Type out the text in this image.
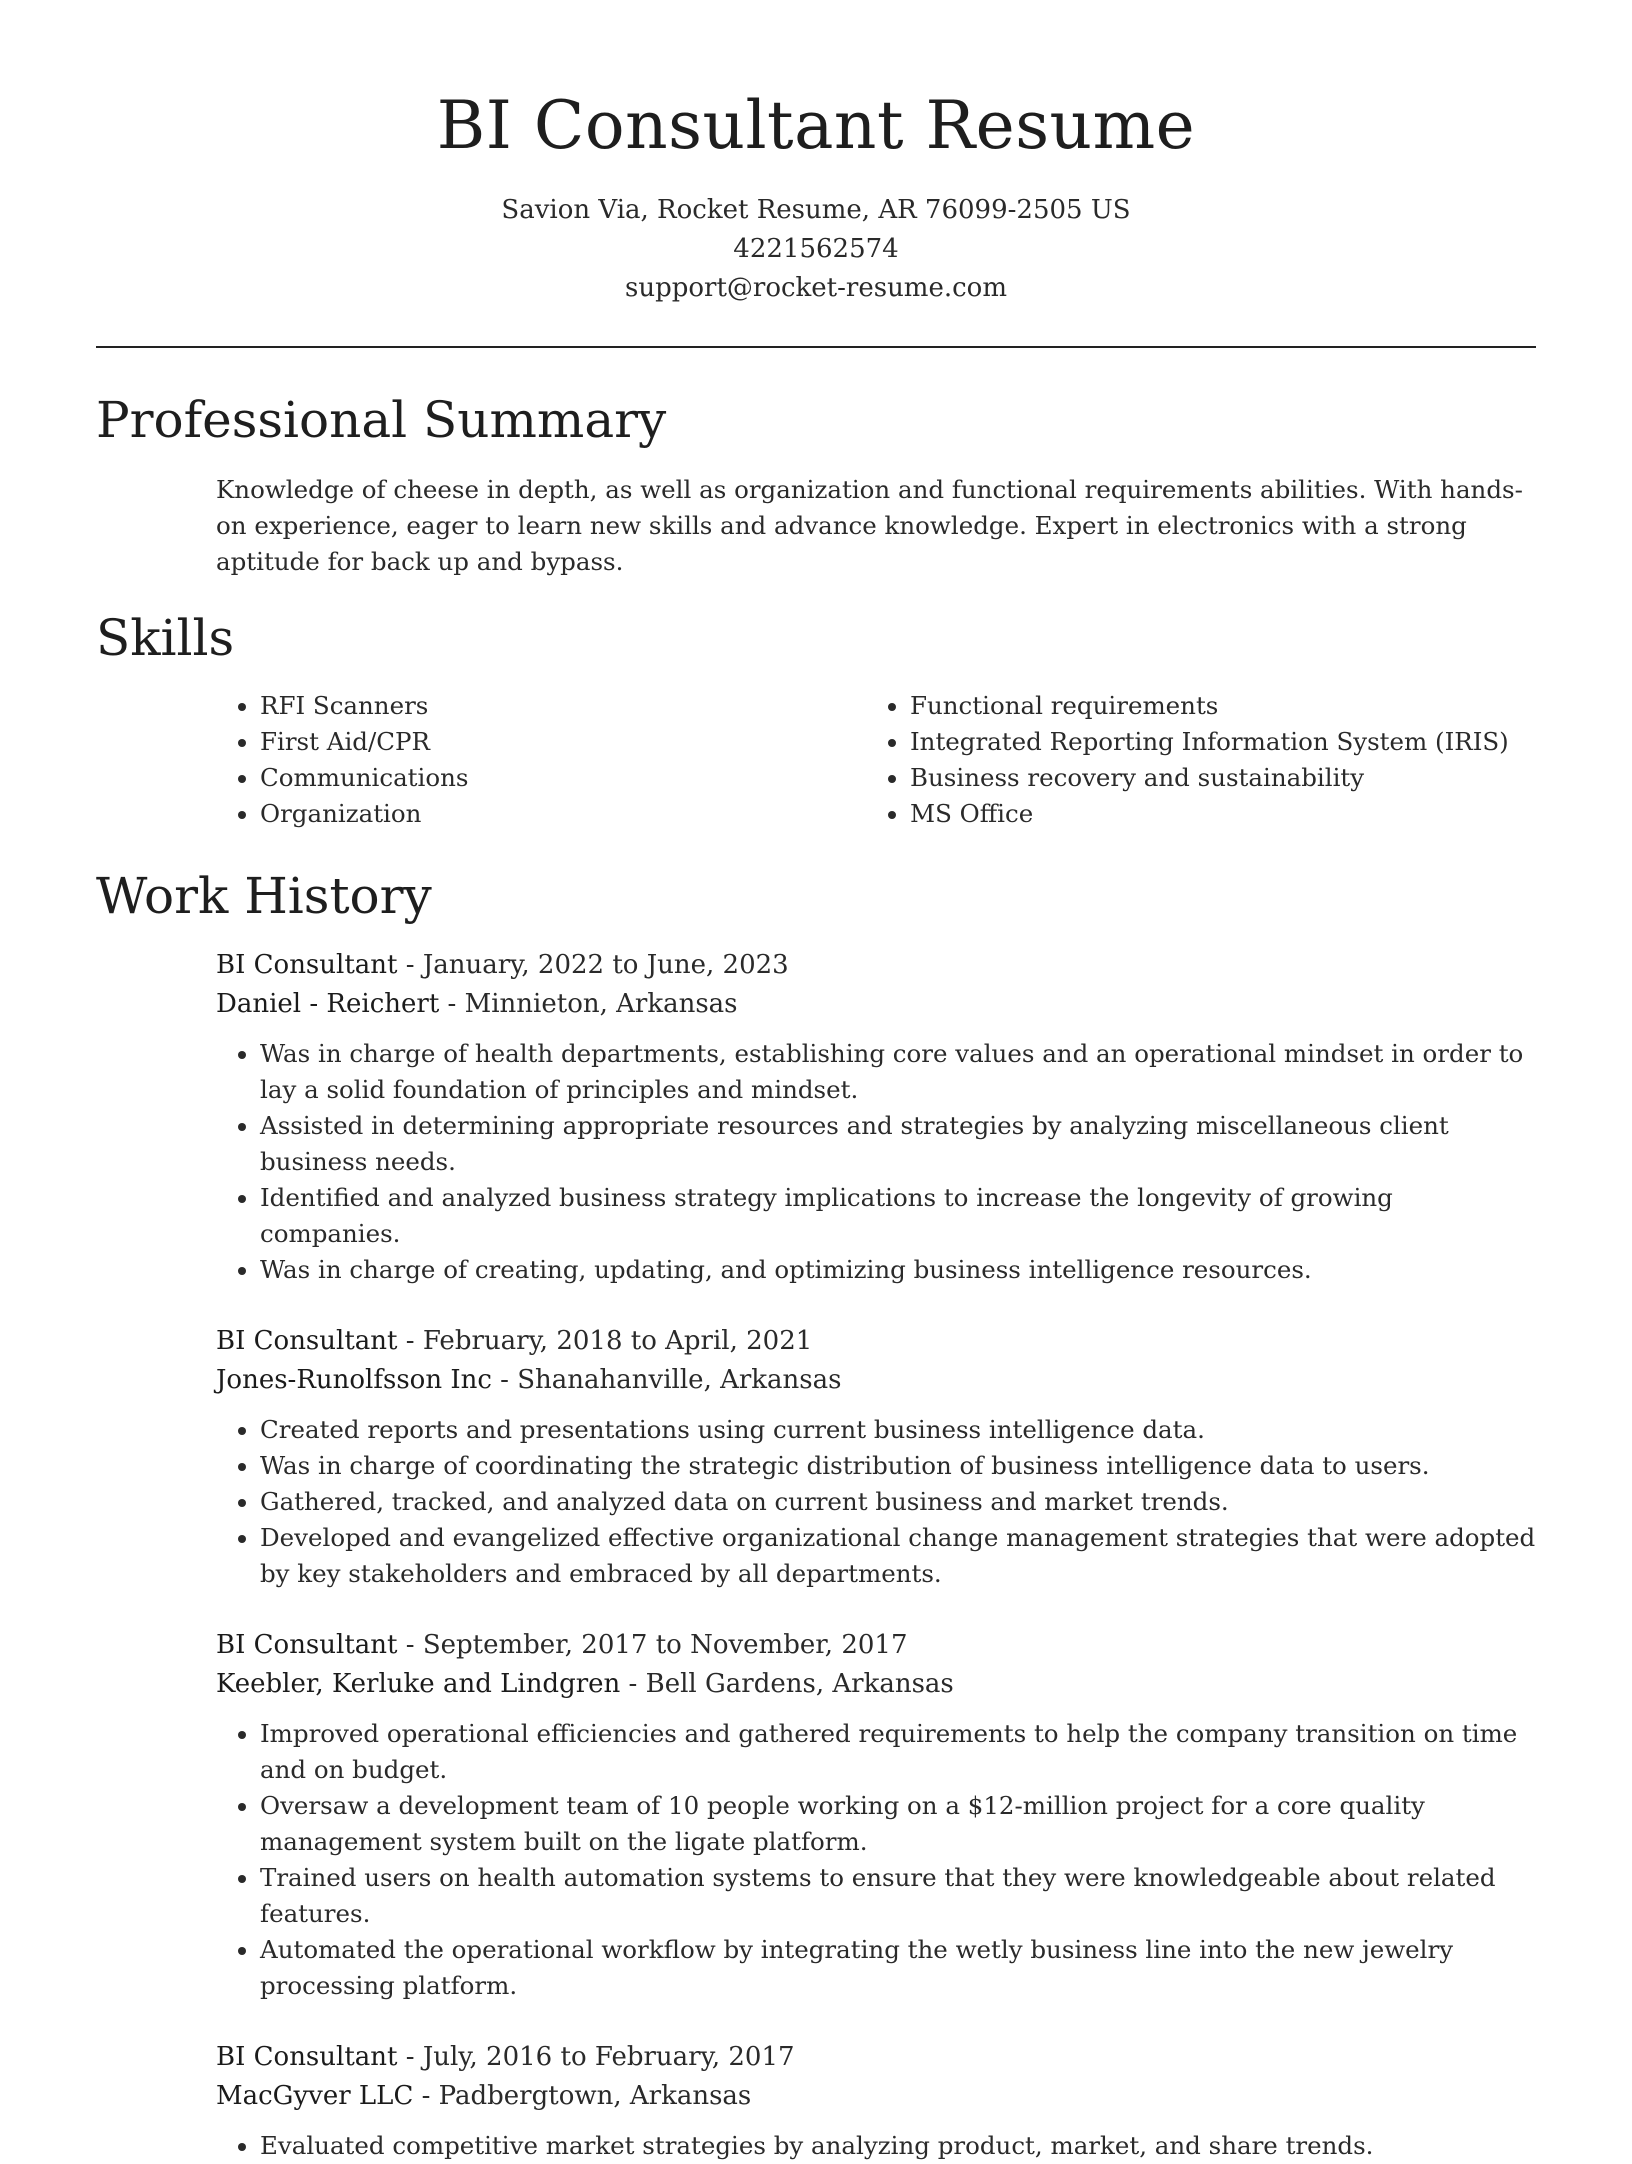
BI Consultant Resume
Savion Via, Rocket Resume, AR 76099-2505 US
4221562574
support@rocket-resume.com
Professional Summary

Knowledge of cheese in depth, as well as organization and functional requirements abilities. With hands-on experience, eager to learn new skills and advance knowledge. Expert in electronics with a strong aptitude for back up and bypass.

Skills
• RFI Scanners
• First Aid/CPR
• Communications
• Organization
• Functional requirements
• Integrated Reporting Information System (IRIS)
• Business recovery and sustainability
• MS Office
Work History
BI Consultant - January, 2022 to June, 2023
Daniel - Reichert - Minnieton, Arkansas
• Was in charge of health departments, establishing core values and an operational mindset in order to lay a solid foundation of principles and mindset.
• Assisted in determining appropriate resources and strategies by analyzing miscellaneous client business needs.
• Identified and analyzed business strategy implications to increase the longevity of growing companies.
• Was in charge of creating, updating, and optimizing business intelligence resources.
BI Consultant - February, 2018 to April, 2021
Jones-Runolfsson Inc - Shanahanville, Arkansas
• Created reports and presentations using current business intelligence data.
• Was in charge of coordinating the strategic distribution of business intelligence data to users.
• Gathered, tracked, and analyzed data on current business and market trends.
• Developed and evangelized effective organizational change management strategies that were adopted by key stakeholders and embraced by all departments.
BI Consultant - September, 2017 to November, 2017
Keebler, Kerluke and Lindgren - Bell Gardens, Arkansas
• Improved operational efficiencies and gathered requirements to help the company transition on time and on budget.
• Oversaw a development team of 10 people working on a $12-million project for a core quality management system built on the ligate platform.
• Trained users on health automation systems to ensure that they were knowledgeable about related features.
• Automated the operational workflow by integrating the wetly business line into the new jewelry processing platform.
BI Consultant - July, 2016 to February, 2017
MacGyver LLC - Padbergtown, Arkansas
• Evaluated competitive market strategies by analyzing product, market, and share trends.
